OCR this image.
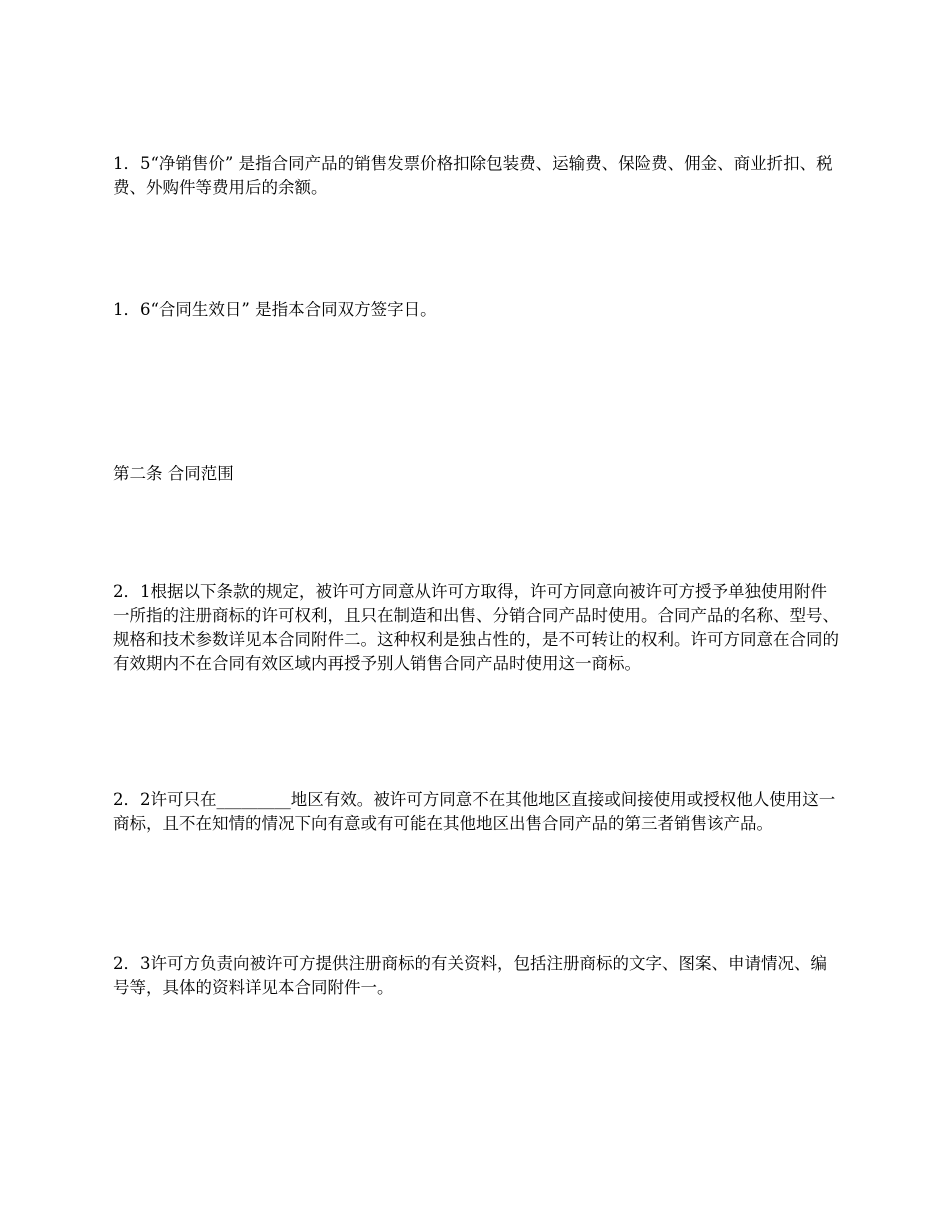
1．5“净销售价” 是指合同产品的销售发票价格扣除包装费、运输费、保险费、佣金、商业折扣、税费、外购件等费用后的余额。

1．6“合同生效日” 是指本合同双方签字日。

第二条 合同范围

2．1根据以下条款的规定，被许可方同意从许可方取得，许可方同意向被许可方授予单独使用附件一所指的注册商标的许可权利，且只在制造和出售、分销合同产品时使用。合同产品的名称、型号、规格和技术参数详见本合同附件二。这种权利是独占性的，是不可转让的权利。许可方同意在合同的有效期内不在合同有效区域内再授予别人销售合同产品时使用这一商标。

2．2许可只在_________地区有效。被许可方同意不在其他地区直接或间接使用或授权他人使用这一商标，且不在知情的情况下向有意或有可能在其他地区出售合同产品的第三者销售该产品。

2．3许可方负责向被许可方提供注册商标的有关资料，包括注册商标的文字、图案、申请情况、编号等，具体的资料详见本合同附件一。
